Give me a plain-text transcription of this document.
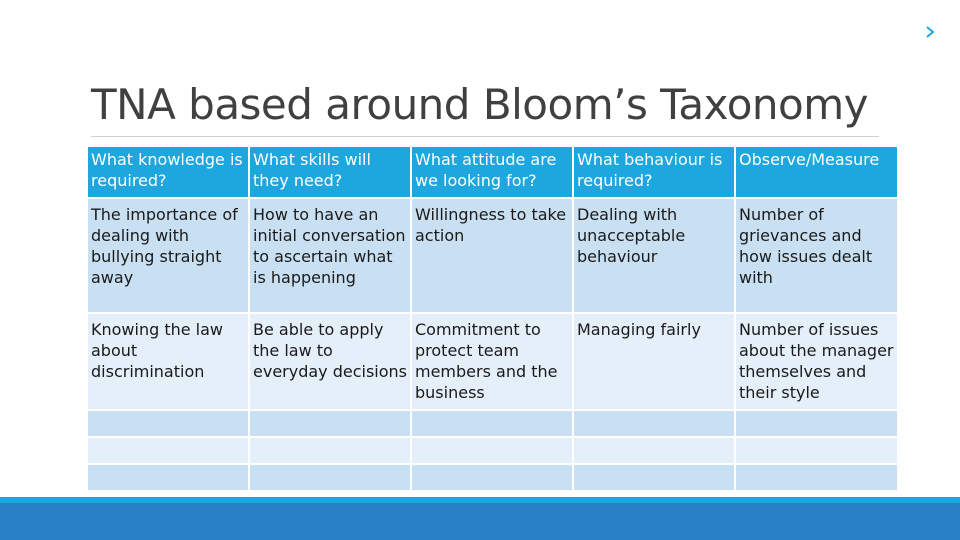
TNA based around Bloom’s Taxonomy
What knowledge is required?	What skills will they need?	What attitude are we looking for?	What behaviour is required?	Observe/Measure
The importance of dealing with bullying straight away	How to have an initial conversation to ascertain what is happening	Willingness to take action	Dealing with unacceptable behaviour	Number of grievances and how issues dealt with
Knowing the law about discrimination	Be able to apply the law to everyday decisions	Commitment to protect team members and the business	Managing fairly	Number of issues about the manager themselves and their style
